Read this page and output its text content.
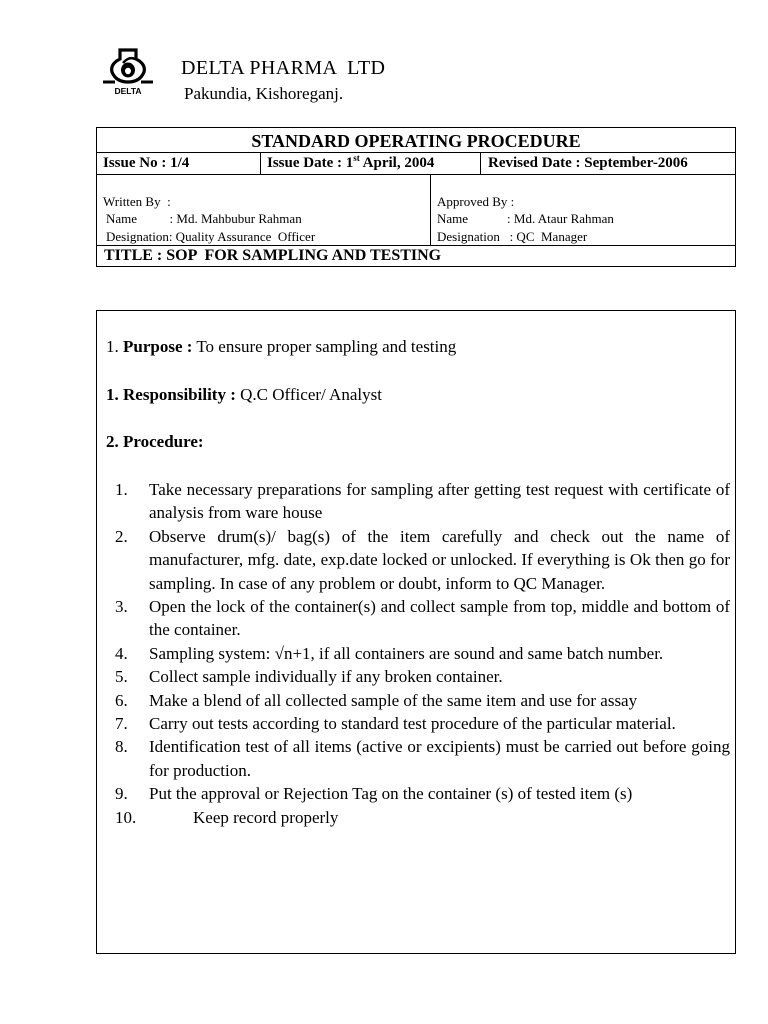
DELTA
DELTA PHARMA  LTD
Pakundia, Kishoreganj.
STANDARD OPERATING PROCEDURE
Issue No : 1/4	Issue Date : 1st April, 2004	Revised Date : September-2006
Written By  :
Name          : Md. Mahbubur Rahman
Designation: Quality Assurance  Officer
Approved By :
Name            : Md. Ataur Rahman
Designation   : QC  Manager
TITLE : SOP  FOR SAMPLING AND TESTING
1. Purpose : To ensure proper sampling and testing
1. Responsibility : Q.C Officer/ Analyst
2. Procedure:
1.	Take necessary preparations for sampling after getting test request with certificate of analysis from ware house
2.	Observe drum(s)/ bag(s) of the item carefully and check out the name of manufacturer, mfg. date, exp.date locked or unlocked. If everything is Ok then go for sampling. In case of any problem or doubt, inform to QC Manager.
3.	Open the lock of the container(s) and collect sample from top, middle and bottom of the container.
4.	Sampling system: √n+1, if all containers are sound and same batch number.
5.	Collect sample individually if any broken container.
6.	Make a blend of all collected sample of the same item and use for assay
7.	Carry out tests according to standard test procedure of the particular material.
8.	Identification test of all items (active or excipients) must be carried out before going for production.
9.	Put the approval or Rejection Tag on the container (s) of tested item (s)
10.	Keep record properly
